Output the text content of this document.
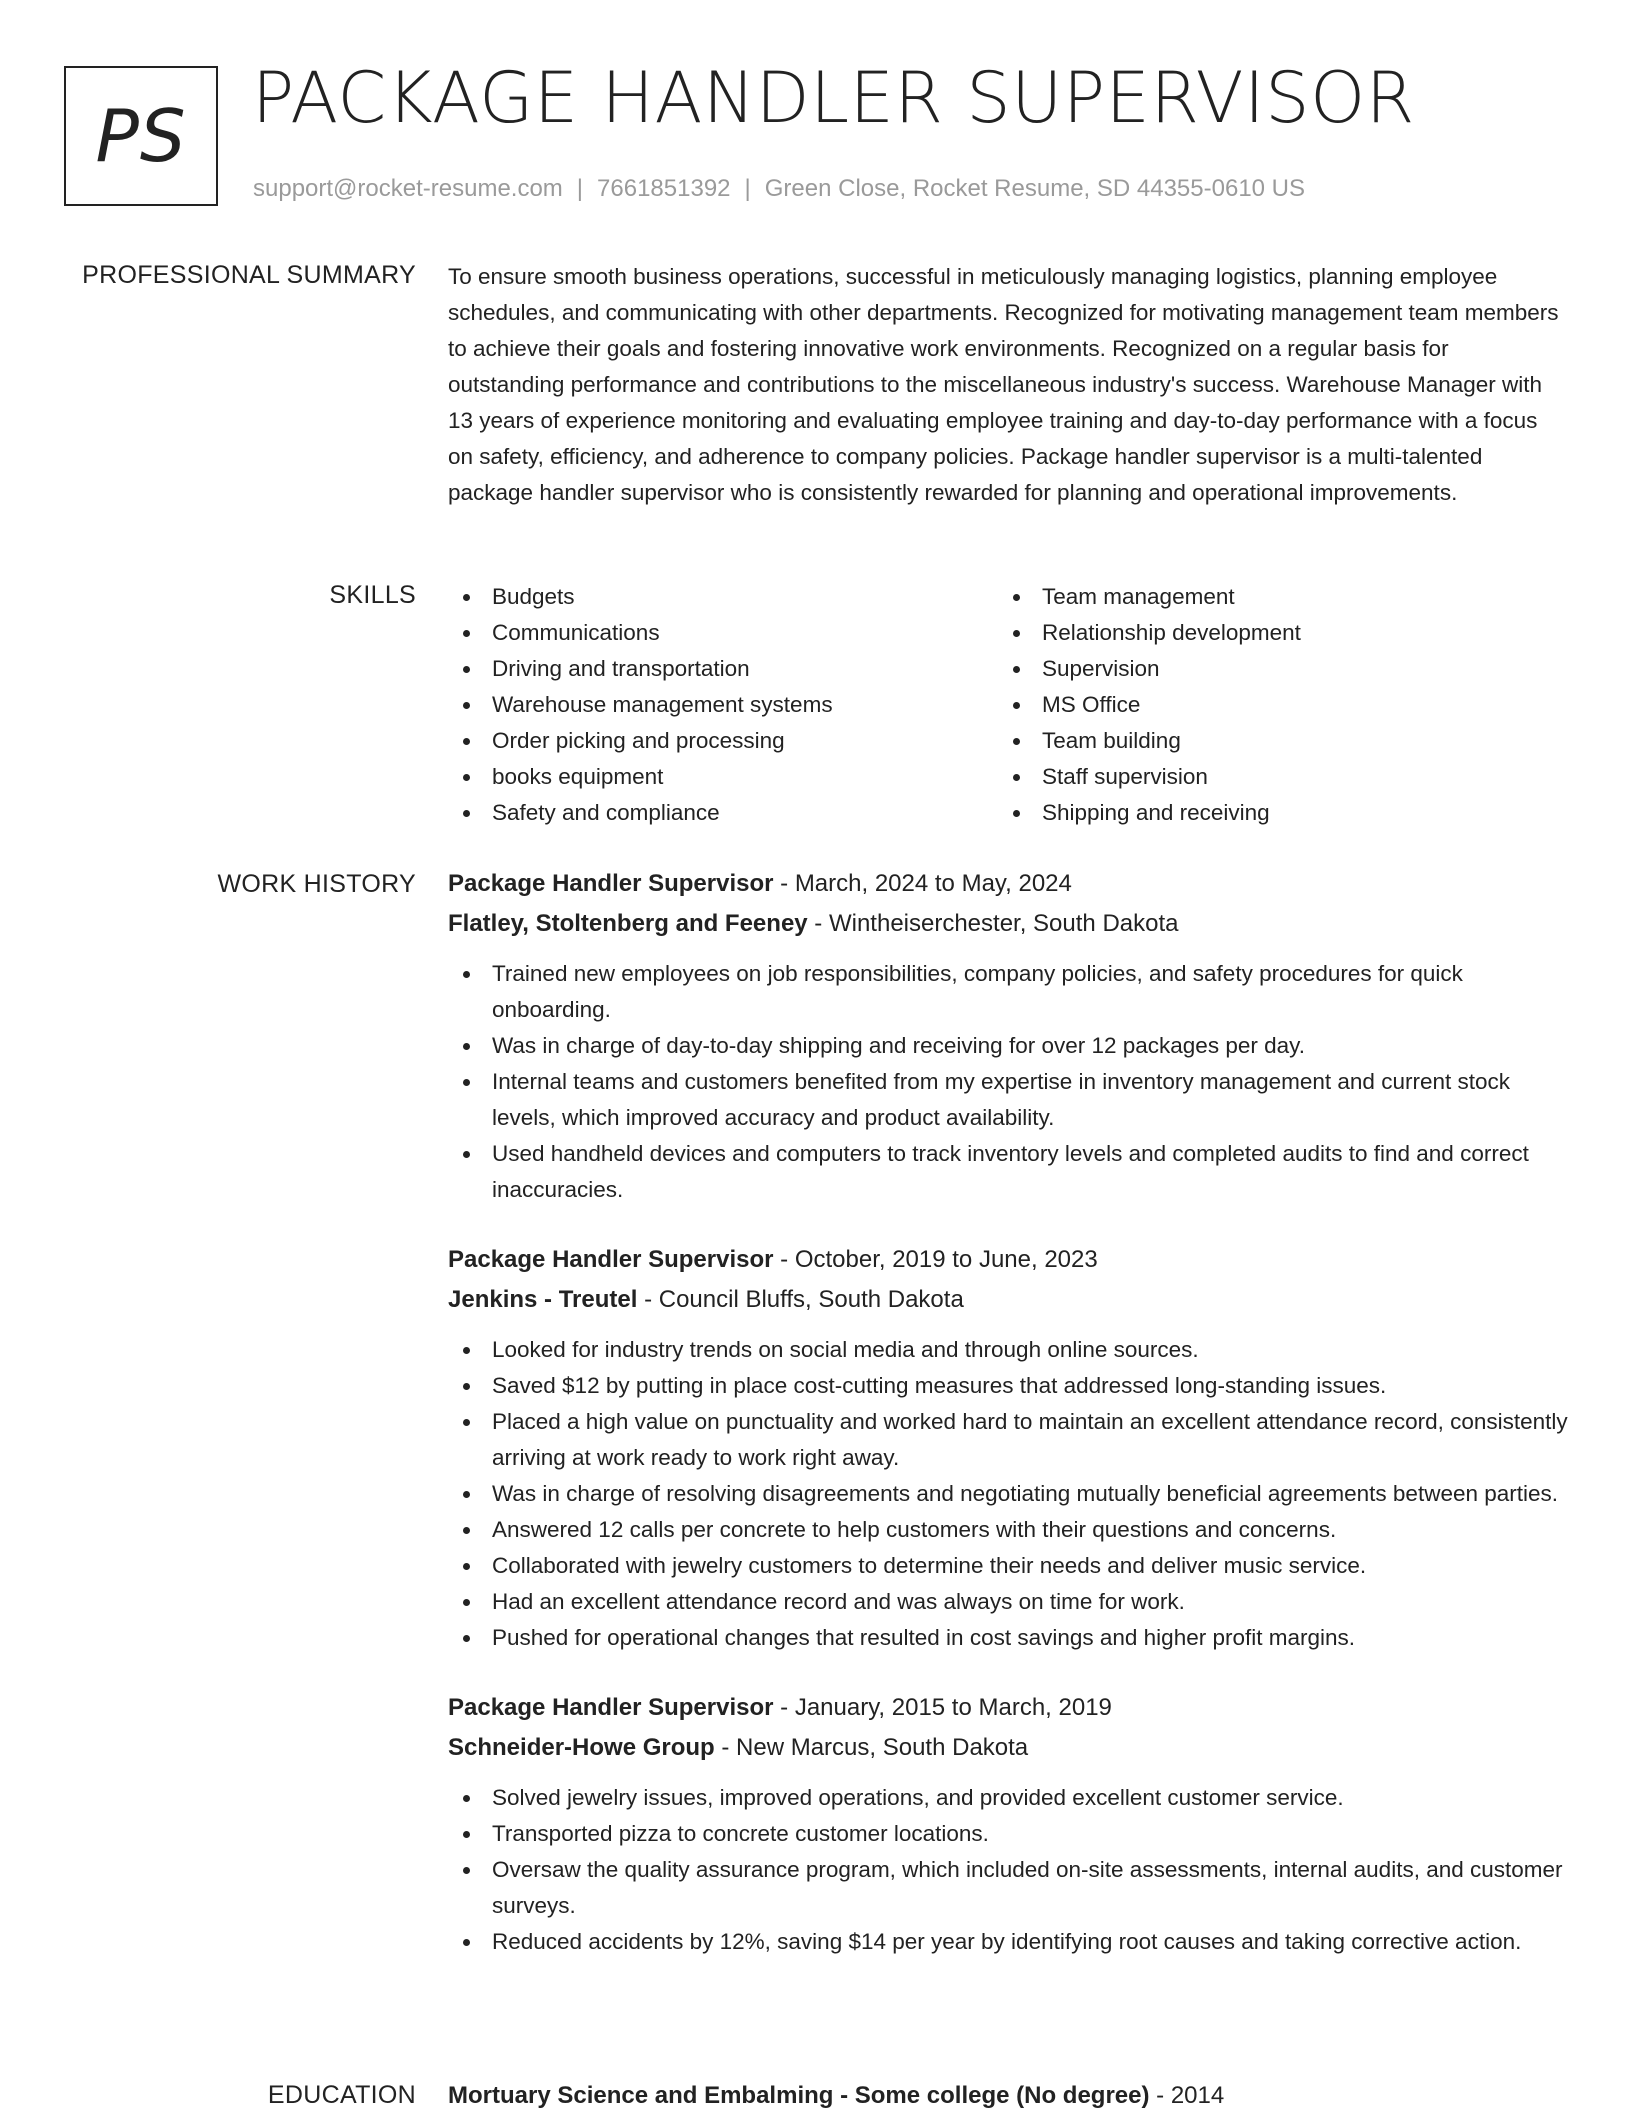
PS PACKAGE HANDLER SUPERVISOR
support@rocket-resume.com | 7661851392 | Green Close, Rocket Resume, SD 44355-0610 US
PROFESSIONAL SUMMARY To ensure smooth business operations, successful in meticulously managing logistics, planning employee schedules, and communicating with other departments. Recognized for motivating management team members to achieve their goals and fostering innovative work environments. Recognized on a regular basis for outstanding performance and contributions to the miscellaneous industry's success. Warehouse Manager with 13 years of experience monitoring and evaluating employee training and day-to-day performance with a focus on safety, efficiency, and adherence to company policies. Package handler supervisor is a multi-talented package handler supervisor who is consistently rewarded for planning and operational improvements.

SKILLS	Budgets
Communications
Driving and transportation
Warehouse management systems
Order picking and processing
books equipment
Safety and compliance
Team management
Relationship development
Supervision
MS Office
Team building
Staff supervision
Shipping and receiving
WORK HISTORY Package Handler Supervisor - March, 2024 to May, 2024
Flatley, Stoltenberg and Feeney - Wintheiserchester, South Dakota
Trained new employees on job responsibilities, company policies, and safety procedures for quick onboarding.
Was in charge of day-to-day shipping and receiving for over 12 packages per day.
Internal teams and customers benefited from my expertise in inventory management and current stock levels, which improved accuracy and product availability.
Used handheld devices and computers to track inventory levels and completed audits to find and correct inaccuracies.
Package Handler Supervisor - October, 2019 to June, 2023
Jenkins - Treutel - Council Bluffs, South Dakota
Looked for industry trends on social media and through online sources.
Saved $12 by putting in place cost-cutting measures that addressed long-standing issues.
Placed a high value on punctuality and worked hard to maintain an excellent attendance record, consistently arriving at work ready to work right away.
Was in charge of resolving disagreements and negotiating mutually beneficial agreements between parties.
Answered 12 calls per concrete to help customers with their questions and concerns.
Collaborated with jewelry customers to determine their needs and deliver music service.
Had an excellent attendance record and was always on time for work.
Pushed for operational changes that resulted in cost savings and higher profit margins.
Package Handler Supervisor - January, 2015 to March, 2019
Schneider-Howe Group - New Marcus, South Dakota
Solved jewelry issues, improved operations, and provided excellent customer service.
Transported pizza to concrete customer locations.
Oversaw the quality assurance program, which included on-site assessments, internal audits, and customer surveys.
Reduced accidents by 12%, saving $14 per year by identifying root causes and taking corrective action.
EDUCATION Mortuary Science and Embalming - Some college (No degree) - 2014
